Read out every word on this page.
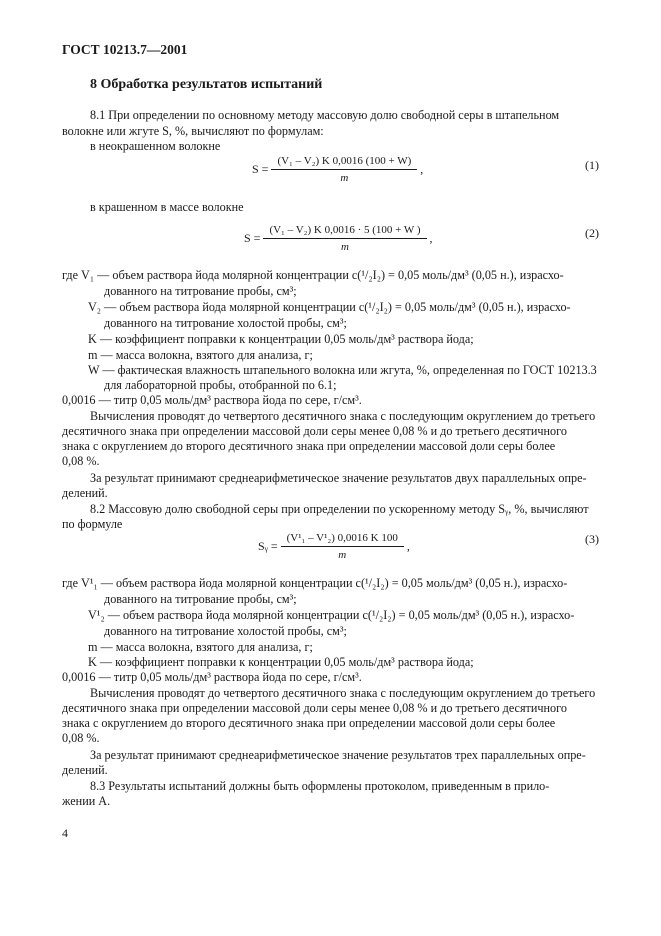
ГОСТ 10213.7—2001
8 Обработка результатов испытаний
8.1 При определении по основному методу массовую долю свободной серы в штапельном
волокне или жгуте S, %, вычисляют по формулам:
в неокрашенном волокне
$S = \frac{\text{(V₁ – V₂) K 0,0016 (100 + W)}}{m}$ ,	(1)
в крашенном в массе волокне
$S = \frac{\text{(V₁ – V₂) K 0,0016 · 5 (100 + W )}}{m}$ ,	(2)
где V₁ — объем раствора йода молярной концентрации c(¹/₂I₂) = 0,05 моль/дм³ (0,05 н.), израсхо-
дованного на титрование пробы, см³;
V₂ — объем раствора йода молярной концентрации c(¹/₂I₂) = 0,05 моль/дм³ (0,05 н.), израсхо-
дованного на титрование холостой пробы, см³;
K — коэффициент поправки к концентрации 0,05 моль/дм³ раствора йода;
m — масса волокна, взятого для анализа, г;
W — фактическая влажность штапельного волокна или жгута, %, определенная по ГОСТ 10213.3
для лабораторной пробы, отобранной по 6.1;
0,0016 — титр 0,05 моль/дм³ раствора йода по сере, г/см³.
Вычисления проводят до четвертого десятичного знака с последующим округлением до третьего
десятичного знака при определении массовой доли серы менее 0,08 % и до третьего десятичного
знака с округлением до второго десятичного знака при определении массовой доли серы более
0,08 %.
За результат принимают среднеарифметическое значение результатов двух параллельных опре-
делений.
8.2 Массовую долю свободной серы при определении по ускоренному методу Sᵧ, %, вычисляют
по формуле
Sᵧ = $\frac{\text{(V¹₁ – V¹₂) 0,0016 K 100}}{m}$ ,	(3)
где V¹₁ — объем раствора йода молярной концентрации c(¹/₂I₂) = 0,05 моль/дм³ (0,05 н.), израсхо-
дованного на титрование пробы, см³;
V¹₂ — объем раствора йода молярной концентрации c(¹/₂I₂) = 0,05 моль/дм³ (0,05 н.), израсхо-
дованного на титрование холостой пробы, см³;
m — масса волокна, взятого для анализа, г;
K — коэффициент поправки к концентрации 0,05 моль/дм³ раствора йода;
0,0016 — титр 0,05 моль/дм³ раствора йода по сере, г/см³.
Вычисления проводят до четвертого десятичного знака с последующим округлением до третьего
десятичного знака при определении массовой доли серы менее 0,08 % и до третьего десятичного
знака с округлением до второго десятичного знака при определении массовой доли серы более
0,08 %.
За результат принимают среднеарифметическое значение результатов трех параллельных опре-
делений.
8.3 Результаты испытаний должны быть оформлены протоколом, приведенным в прило-
жении А.
4
